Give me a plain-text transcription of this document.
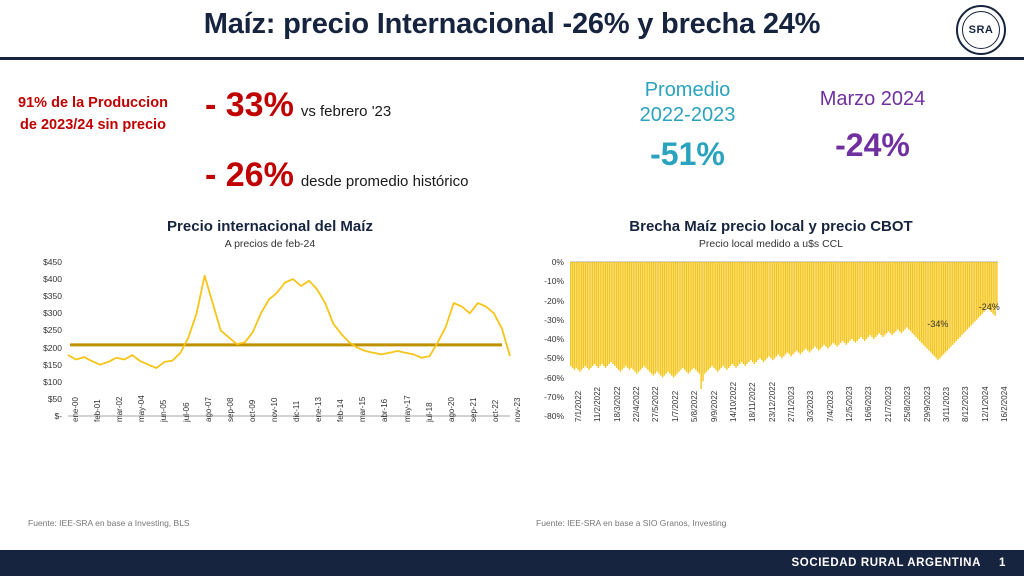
Maíz: precio Internacional -26% y brecha 24%	SRA
91% de la Produccion de 2023/24 sin precio
- 33% vs febrero '23
- 26% desde promedio histórico
Promedio
2022-2023
-51%
Marzo 2024
-24%
Precio internacional del Maíz
A precios de feb-24
$-
$50
$100
$150
$200
$250
$300
$350
$400
$450
ene-00 feb-01 mar-02 may-04 jun-05 jul-06 ago-07 sep-08 oct-09 nov-10 dic-11 ene-13 feb-14 mar-15 abr-16 may-17 jul-18 ago-20 sep-21 oct-22 nov-23
Fuente: IEE-SRA en base a Investing, BLS
Brecha Maíz precio local y precio CBOT
Precio local medido a u$s CCL
0%
-10%
-20%
-30%
-40%
-50%
-60%
-70%
-80% 7/1/2022 11/2/2022 18/3/2022 22/4/2022 27/5/2022 1/7/2022 5/8/2022 9/9/2022 14/10/2022 18/11/2022 23/12/2022 27/1/2023 3/3/2023 7/4/2023 12/5/2023 16/6/2023 21/7/2023 25/8/2023 29/9/2023 3/11/2023 8/12/2023 12/1/2024 16/2/2024
-34%
-24%
Fuente: IEE-SRA en base a SIO Granos, Investing
SOCIEDAD RURAL ARGENTINA 1
